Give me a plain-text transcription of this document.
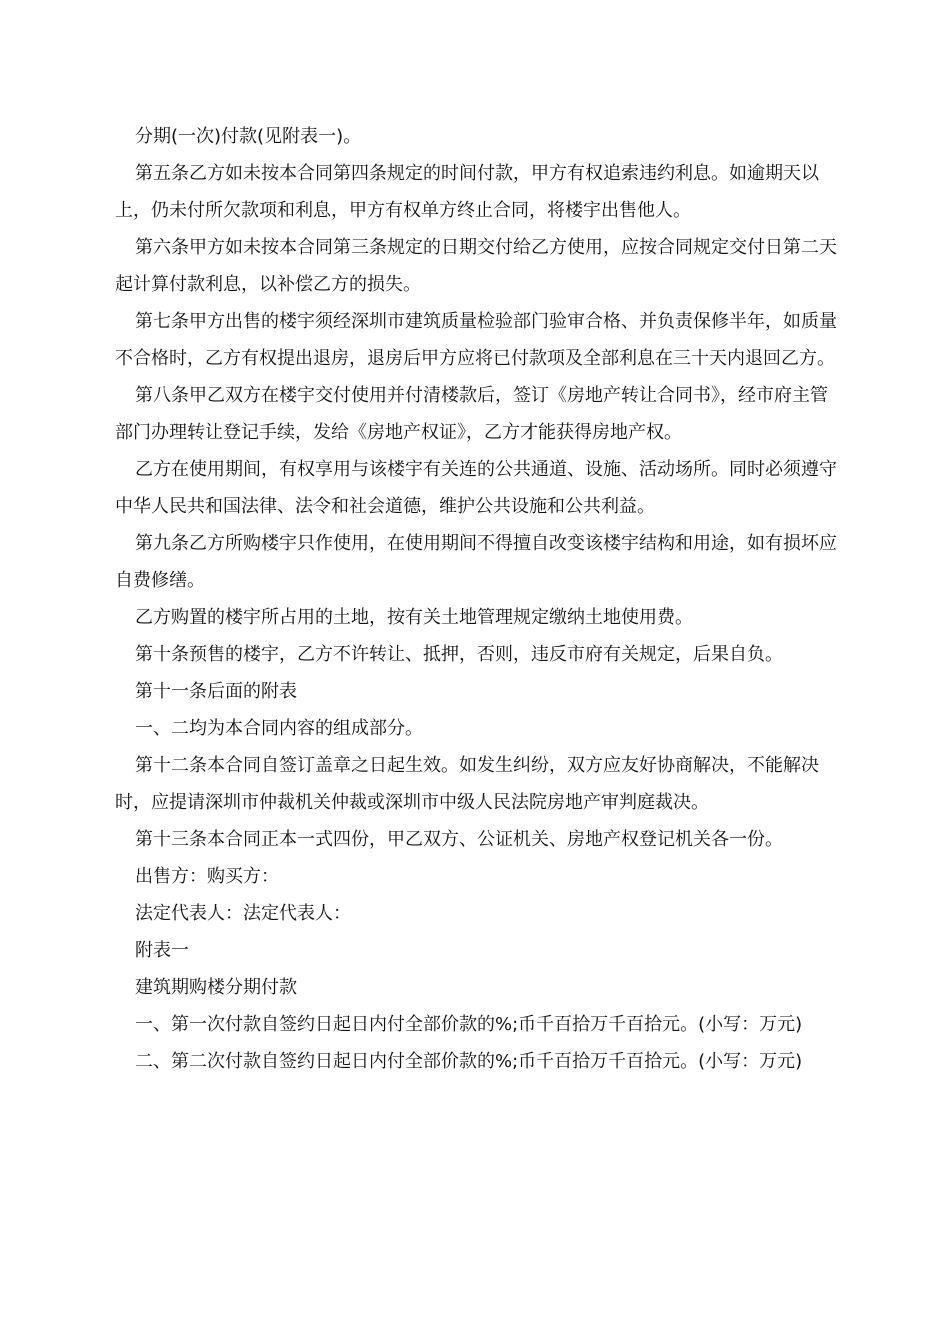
分期(一次)付款(见附表一)。

第五条乙方如未按本合同第四条规定的时间付款，甲方有权追索违约利息。如逾期天以上，仍未付所欠款项和利息，甲方有权单方终止合同，将楼宇出售他人。

第六条甲方如未按本合同第三条规定的日期交付给乙方使用，应按合同规定交付日第二天起计算付款利息，以补偿乙方的损失。

第七条甲方出售的楼宇须经深圳市建筑质量检验部门验审合格、并负责保修半年，如质量不合格时，乙方有权提出退房，退房后甲方应将已付款项及全部利息在三十天内退回乙方。

第八条甲乙双方在楼宇交付使用并付清楼款后，签订《房地产转让合同书》，经市府主管部门办理转让登记手续，发给《房地产权证》，乙方才能获得房地产权。

乙方在使用期间，有权享用与该楼宇有关连的公共通道、设施、活动场所。同时必须遵守中华人民共和国法律、法令和社会道德，维护公共设施和公共利益。

第九条乙方所购楼宇只作使用，在使用期间不得擅自改变该楼宇结构和用途，如有损坏应自费修缮。

乙方购置的楼宇所占用的土地，按有关土地管理规定缴纳土地使用费。

第十条预售的楼宇，乙方不许转让、抵押，否则，违反市府有关规定，后果自负。

第十一条后面的附表

一、二均为本合同内容的组成部分。

第十二条本合同自签订盖章之日起生效。如发生纠纷，双方应友好协商解决，不能解决时，应提请深圳市仲裁机关仲裁或深圳市中级人民法院房地产审判庭裁决。

第十三条本合同正本一式四份，甲乙双方、公证机关、房地产权登记机关各一份。

出售方：购买方：

法定代表人：法定代表人：

附表一

建筑期购楼分期付款

一、第一次付款自签约日起日内付全部价款的%;币千百拾万千百拾元。(小写：万元)

二、第二次付款自签约日起日内付全部价款的%;币千百拾万千百拾元。(小写：万元)
